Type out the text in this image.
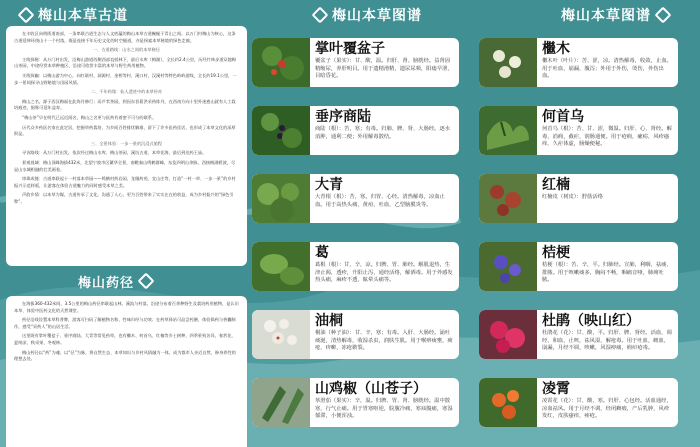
梅山本草古道

在丰收区向明街道南部，一条串联古道生态与人文底蕴的梅山本草古道蜿蜒于青山之间。以万门村梅山为核心，这条古道延伸环绕山十一个村落，既是连接千年历史文化的时空隧道，亦是探索本草秘境的绿色走廊。

一、古道路线：山水之间的本草秘径

主线探秘：从万门村出发，沿梅山游道西侧西部直抵林下，最后水库（梅湖），全长约2.4公里，历经竹林步道穿越梅山茶园，中途经赏本草种植区，沿途可欣赏丰富的本草与野生药用植物。

支线探幽：以梅山游为中心，向红联村、洞源村、金桥等村、溪口村，汉溪村等特色岭岭游线，全长约19.1公里，一步一景间探寻山野秘境与田园风情。

二、千年药缘：仙人遗迹中的本草传奇

梅山之名，源于西汉梅福在此炼丹修行；而芦苇茶园，则因东晋葛洪采药炼丹，在西南方向十里外迷惑山就有人工栽培痕迹，据称可延年益寿。

“梅山茶”早在明代已远近闻名，梅山之名更与医药有着密不可分的联系。

历代众多药医名家在此定居，挖掘草药栽培，为乡间百姓排忧解难，留下了许多医药佳话，也形成了本草文化的深厚积淀。

三、全景体验：一步一景的沉浸式旅程

寻访路线：从万门村出发，依次经过梅山水库、梅山茶园、溪坑古道、本草花海，最后到达药王庙。

景观视域：梅山顶峰海拔432米，北望宁波市区繁华全景，南眺秦山鸣鹤群峰，东览四明山余脉，西接梅湖碧波，尽显山水城相融的壮美画卷。

串珠成链：古道串联起十一村落本草园——鸣鹤村药岩园、龙眼药苑、宜山庄等，打造“一村一草、一步一景”的乡村振兴示范样板，让游客在体验古道魅力的同时感受本草之美。

声韵乡情：以本草为媒，古道传承了文化，沟通了人心，更为百姓带来了实实在在的收益，成为乡村振兴的“绿色引擎”。

梅山药径

在海拔360-432米间，3.5公里的梅山药径串联起山林、溪流与村落，沿途分布着百余种野生及栽培药用植物，是认识本草、体验中医药文化的天然课堂。

药径沿线设置本草科普牌，游客可扫码了解植物名称、性味归经与功效；在药草驿站可品尝药膳、体验捣药与香囊制作，感受“采药人”的山居生活。

这里既有掌叶覆盆子、垂序商陆、大青等常见药草，也有檵木、何首乌、红楠等乡土树种，四季景致各异，春赏花、夏纳凉、秋采果、冬观林。

梅山药径以“药”为魂、以“径”为脉，将自然生态、本草知识与乡村风情融为一体，成为都市人亲近自然、修身养性的理想去处。

梅山本草图谱	梅山本草图谱
掌叶覆盆子
覆盆子（果实）：甘、酸，温。归肝、肾、膀胱经。益肾固精缩尿，养肝明目。用于遗精滑精，遗尿尿频，阳痿早泄，目暗昏花。
垂序商陆
商陆（根）：苦，寒；有毒。归肺、脾、肾、大肠经。逐水消肿，通利二便；外用解毒散结。
大青
大青根（根）：苦，寒。归胃、心经。清热解毒，凉血止血。用于高热头痛，黄疸，吐血，乙型脑膜炎等。
葛
葛根（根）：甘、辛，凉。归脾、胃、肺经。解肌退热，生津止渴，透疹，升阳止泻，通经活络，解酒毒。用于外感发热头痛，麻疹不透，眩晕头痛等。
油桐
桐油（种子油）：甘、辛，寒；有毒。入肝、大肠经。涌吐痰涎，清热解毒，收湿杀虫，润肤生肌。用于喉痹痰壅，痈疮，疥癣，冻疮皲裂。
山鸡椒（山苍子）
荜澄茄（果实）：辛，温。归脾、胃、肾、膀胱经。温中散寒，行气止痛。用于胃寒呕逆，脘腹冷痛，寒疝腹痛，寒湿郁滞，小便浑浊。
檵木
檵木叶（叶片）：苦、涩，凉。清热解毒，收敛，止血。用于吐血，崩漏，腹泻；外用于外伤，烫伤，外伤出血。
何首乌
何首乌（根）：苦、甘、涩，微温。归肝、心、肾经。解毒，消痈，截疟，润肠通便。用于疮痈，瘰疬，风疹瘙痒，久疟体虚，肠燥便秘。
红楠
红楠皮（树皮）：舒筋活络
桔梗
桔梗（根）：苦、辛，平。归肺经。宣肺，利咽，祛痰，排脓。用于咳嗽痰多，胸闷不畅，咽痛音哑，肺痈吐脓。
杜鹃（映山红）
杜鹃花（花）：甘、酸，平。归肝、脾、肾经。活血，调经，和血，止咳，祛风湿，解疮毒。用于吐血，衄血，崩漏，月经不调，咳嗽，风湿痹痛，痈疖疮毒。
凌霄
凌霄花（花）：甘、酸，寒。归肝、心包经。活血通经，凉血祛风。用于月经不调，经闭癥瘕，产后乳肿，风疹发红，皮肤瘙痒，痤疮。
